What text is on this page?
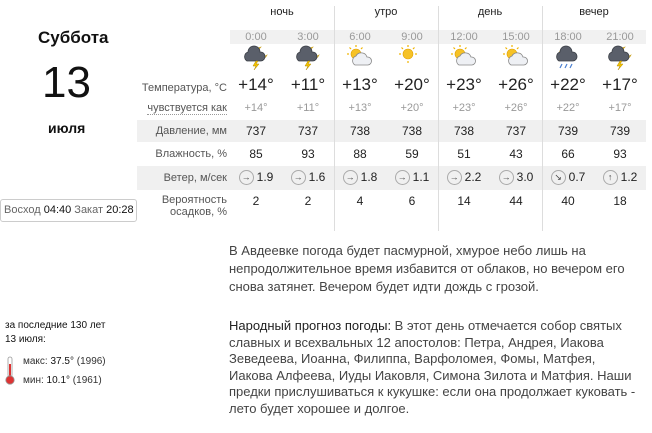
Суббота
13
июля
Восход 04:40 Закат 20:28
ночь	утро	день	вечер
0:00	3:00	6:00	9:00	12:00	15:00	18:00	21:00
Температура, °C +14°	+11° +13° +20° +23° +26° +22° +17°
чувствуется как	+14°	+11°	+13°	+20°	+23°	+26°	+22°	+17°
Давление, мм	737	737	738	738	738	737	739	739
Влажность, %	85	93	88	59	51	43	66	93
Ветер, м/сек	→ 1.9	→ 1.6	→ 1.8	→ 1.1	→ 2.2	→ 3.0	↘ 0.7	↑ 1.2
Вероятность
осадков, %
2	2	4	6	14	44	40	18
В Авдеевке погода будет пасмурной, хмурое небо лишь на непродолжительное время избавится от облаков, но вечером его снова затянет. Вечером будет идти дождь с грозой.
Народный прогноз погоды: В этот день отмечается собор святых славных и всехвальных 12 апостолов: Петра, Андрея, Иакова Зеведеева, Иоанна, Филиппа, Варфоломея, Фомы, Матфея, Иакова Алфеева, Иуды Иаковля, Симона Зилота и Матфия. Наши предки прислушиваться к кукушке: если она продолжает куковать - лето будет хорошее и долгое.
за последние 130 лет
13 июля:
макс: 37.5° (1996)
мин: 10.1° (1961)
